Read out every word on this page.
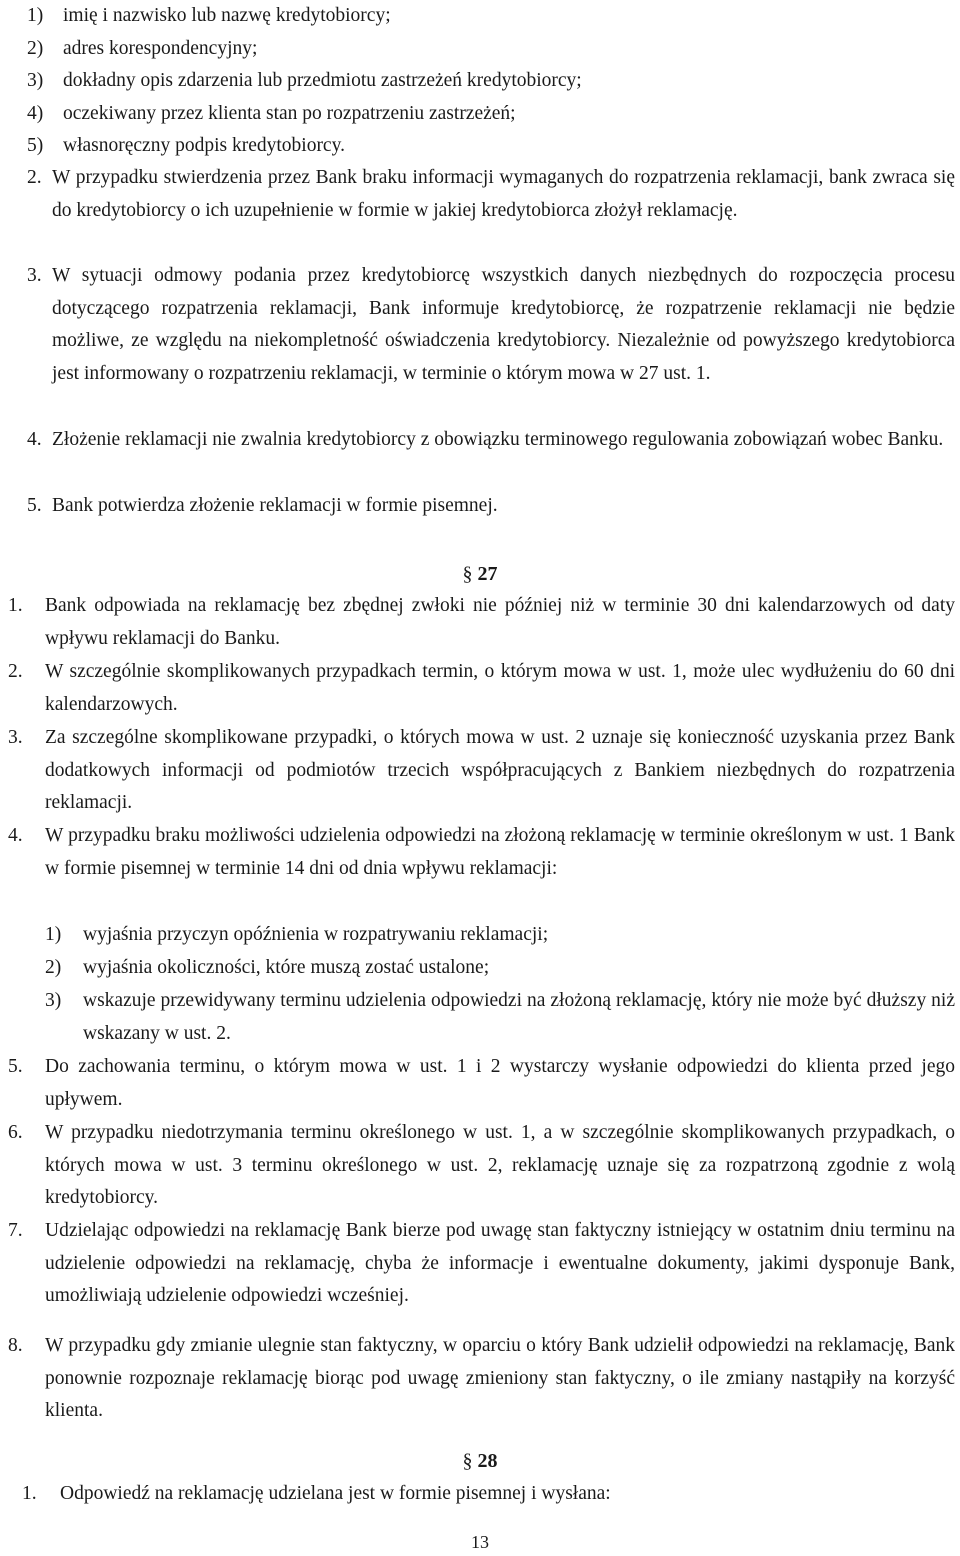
1) imię i nazwisko lub nazwę kredytobiorcy;
2) adres korespondencyjny;
3) dokładny opis zdarzenia lub przedmiotu zastrzeżeń kredytobiorcy;
4) oczekiwany przez klienta stan po rozpatrzeniu zastrzeżeń;
5) własnoręczny podpis kredytobiorcy.
2. W przypadku stwierdzenia przez Bank braku informacji wymaganych do rozpatrzenia reklamacji, bank zwraca się do kredytobiorcy o ich uzupełnienie w formie w jakiej kredytobiorca złożył reklamację.
3. W sytuacji odmowy podania przez kredytobiorcę wszystkich danych niezbędnych do rozpoczęcia procesu dotyczącego rozpatrzenia reklamacji, Bank informuje kredytobiorcę, że rozpatrzenie reklamacji nie będzie możliwe, ze względu na niekompletność oświadczenia kredytobiorcy. Niezależnie od powyższego kredytobiorca jest informowany o rozpatrzeniu reklamacji, w terminie o którym mowa w 27 ust. 1.
4. Złożenie reklamacji nie zwalnia kredytobiorcy z obowiązku terminowego regulowania zobowiązań wobec Banku.
5. Bank potwierdza złożenie reklamacji w formie pisemnej.
§ 27
1. Bank odpowiada na reklamację bez zbędnej zwłoki nie później niż w terminie 30 dni kalendarzowych od daty wpływu reklamacji do Banku.
2. W szczególnie skomplikowanych przypadkach termin, o którym mowa w ust. 1, może ulec wydłużeniu do 60 dni kalendarzowych.
3. Za szczególne skomplikowane przypadki, o których mowa w ust. 2 uznaje się konieczność uzyskania przez Bank dodatkowych informacji od podmiotów trzecich współpracujących z Bankiem niezbędnych do rozpatrzenia reklamacji.
4. W przypadku braku możliwości udzielenia odpowiedzi na złożoną reklamację w terminie określonym w ust. 1 Bank w formie pisemnej w terminie 14 dni od dnia wpływu reklamacji:
1) wyjaśnia przyczyn opóźnienia w rozpatrywaniu reklamacji;
2) wyjaśnia okoliczności, które muszą zostać ustalone;
3) wskazuje przewidywany terminu udzielenia odpowiedzi na złożoną reklamację, który nie może być dłuższy niż wskazany w ust. 2.
5. Do zachowania terminu, o którym mowa w ust. 1 i 2 wystarczy wysłanie odpowiedzi do klienta przed jego upływem.
6. W przypadku niedotrzymania terminu określonego w ust. 1, a w szczególnie skomplikowanych przypadkach, o których mowa w ust. 3 terminu określonego w ust. 2, reklamację uznaje się za rozpatrzoną zgodnie z wolą kredytobiorcy.
7. Udzielając odpowiedzi na reklamację Bank bierze pod uwagę stan faktyczny istniejący w ostatnim dniu terminu na udzielenie odpowiedzi na reklamację, chyba że informacje i ewentualne dokumenty, jakimi dysponuje Bank, umożliwiają udzielenie odpowiedzi wcześniej.
8. W przypadku gdy zmianie ulegnie stan faktyczny, w oparciu o który Bank udzielił odpowiedzi na reklamację, Bank ponownie rozpoznaje reklamację biorąc pod uwagę zmieniony stan faktyczny, o ile zmiany nastąpiły na korzyść klienta.
§ 28
1. Odpowiedź na reklamację udzielana jest w formie pisemnej i wysłana:
13
